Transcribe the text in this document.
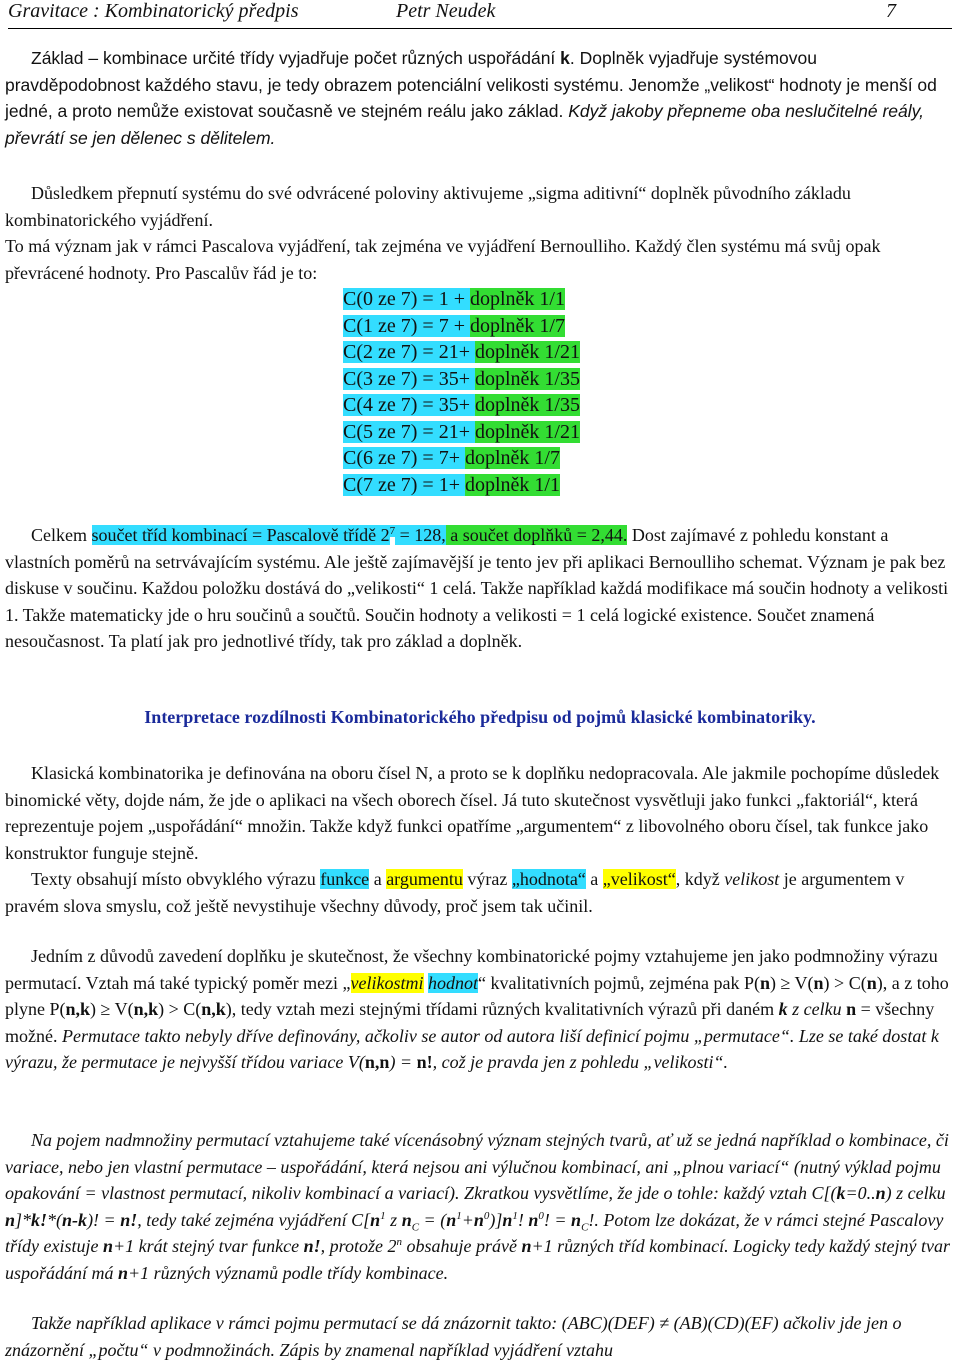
Gravitace : Kombinatorický předpis	Petr Neudek	7

Základ – kombinace určité třídy vyjadřuje počet různých uspořádání k. Doplněk vyjadřuje systémovou pravděpodobnost každého stavu, je tedy obrazem potenciální velikosti systému. Jenomže „velikost“ hodnoty je menší od jedné, a proto nemůže existovat současně ve stejném reálu jako základ. Když jakoby přepneme oba neslučitelné reály, převrátí se jen dělenec s dělitelem.

Důsledkem přepnutí systému do své odvrácené poloviny aktivujeme „sigma aditivní“ doplněk původního základu kombinatorického vyjádření.
To má význam jak v rámci Pascalova vyjádření, tak zejména ve vyjádření Bernoulliho. Každý člen systému má svůj opak převrácené hodnoty. Pro Pascalův řád je to:

C(0 ze 7) = 1 + doplněk 1/1
C(1 ze 7) = 7 + doplněk 1/7
C(2 ze 7) = 21+ doplněk 1/21
C(3 ze 7) = 35+ doplněk 1/35
C(4 ze 7) = 35+ doplněk 1/35
C(5 ze 7) = 21+ doplněk 1/21
C(6 ze 7) = 7+ doplněk 1/7
C(7 ze 7) = 1+ doplněk 1/1

Celkem součet tříd kombinací = Pascalově třídě $2^7 = 128$, a součet doplňků = 2,44. Dost zajímavé z pohledu konstant a vlastních poměrů na setrvávajícím systému. Ale ještě zajímavější je tento jev při aplikaci Bernoulliho schemat. Význam je pak bez diskuse v součinu. Každou položku dostává do „velikosti“ 1 celá. Takže například každá modifikace má součin hodnoty a velikosti 1. Takže matematicky jde o hru součinů a součtů. Součin hodnoty a velikosti = 1 celá logické existence. Součet znamená nesoučasnost. Ta platí jak pro jednotlivé třídy, tak pro základ a doplněk.

Interpretace rozdílnosti Kombinatorického předpisu od pojmů klasické kombinatoriky.

Klasická kombinatorika je definována na oboru čísel N, a proto se k doplňku nedopracovala. Ale jakmile pochopíme důsledek binomické věty, dojde nám, že jde o aplikaci na všech oborech čísel. Já tuto skutečnost vysvětluji jako funkci „faktoriál“, která reprezentuje pojem „uspořádání“ množin. Takže když funkci opatříme „argumentem“ z libovolného oboru čísel, tak funkce jako konstruktor funguje stejně.

Texty obsahují místo obvyklého výrazu funkce a argumentu výraz „hodnota“ a „velikost“, když velikost je argumentem v pravém slova smyslu, což ještě nevystihuje všechny důvody, proč jsem tak učinil.

Jedním z důvodů zavedení doplňku je skutečnost, že všechny kombinatorické pojmy vztahujeme jen jako podmnožiny výrazu permutací. Vztah má také typický poměr mezi „velikostmi hodnot“ kvalitativních pojmů, zejména pak P(n) ≥ V(n) > C(n), a z toho plyne P(n,k) ≥ V(n,k) > C(n,k), tedy vztah mezi stejnými třídami různých kvalitativních výrazů při daném k z celku n = všechny možné. Permutace takto nebyly dříve definovány, ačkoliv se autor od autora liší definicí pojmu „permutace“. Lze se také dostat k výrazu, že permutace je nejvyšší třídou variace V(n,n) = n!, což je pravda jen z pohledu „velikosti“.

Na pojem nadmnožiny permutací vztahujeme také vícenásobný význam stejných tvarů, ať už se jedná například o kombinace, či variace, nebo jen vlastní permutace – uspořádání, která nejsou ani výlučnou kombinací, ani „plnou variací“ (nutný výklad pojmu opakování = vlastnost permutací, nikoliv kombinací a variací). Zkratkou vysvětlíme, že jde o tohle: každý vztah C[(k=0..n) z celku n]*k!*(n-k)! = n!, tedy také zejména vyjádření $C[n^1$ z $n_C = (n^1+n^0)]n^1$! $n^0$! = $n_C$!. Potom lze dokázat, že v rámci stejné Pascalovy třídy existuje n+1 krát stejný tvar funkce n!, protože 2$^n$ obsahuje právě n+1 různých tříd kombinací. Logicky tedy každý stejný tvar uspořádání má n+1 různých významů podle třídy kombinace.

Takže například aplikace v rámci pojmu permutací se dá znázornit takto: (ABC)(DEF) ≠ (AB)(CD)(EF) ačkoliv jde jen o znázornění „počtu“ v podmnožinách. Zápis by znamenal například vyjádření vztahu
